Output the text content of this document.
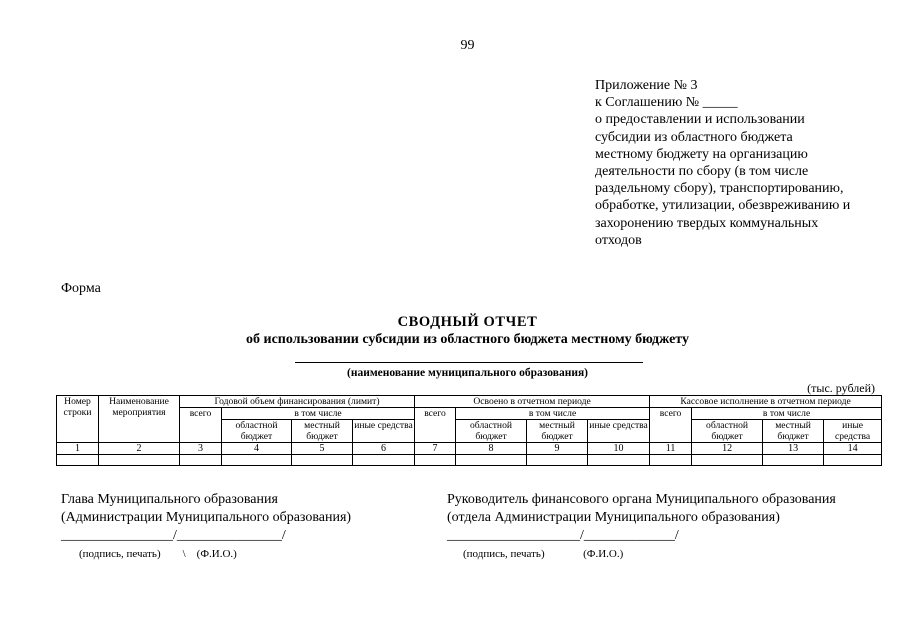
99
Приложение № 3
к Соглашению № _____
о предоставлении и использовании
субсидии из областного бюджета
местному бюджету на организацию
деятельности по сбору (в том числе
раздельному сбору), транспортированию,
обработке, утилизации, обезвреживанию и
захоронению твердых коммунальных
отходов
Форма
СВОДНЫЙ ОТЧЕТ
об использовании субсидии из областного бюджета местному бюджету
(наименование муниципального образования)
(тыс. рублей)
Номер строки	Наименование мероприятия	Годовой объем финансирования (лимит)				Освоено в отчетном периоде				Кассовое исполнение в отчетном периоде			
		всего	в том числе			всего	в том числе			всего	в том числе		
			областной бюджет	местный бюджет	иные средства		областной бюджет	местный бюджет	иные средства		областной бюджет	местный бюджет	иные средства
1	2	3	4	5	6	7	8	9	10	11	12	13	14

Глава Муниципального образования
(Администрации Муниципального образования)
________________/_______________/
(подпись, печать)        \    (Ф.И.О.)
Руководитель финансового органа Муниципального образования
(отдела Администрации Муниципального образования)
___________________/_____________/
(подпись, печать)              (Ф.И.О.)
